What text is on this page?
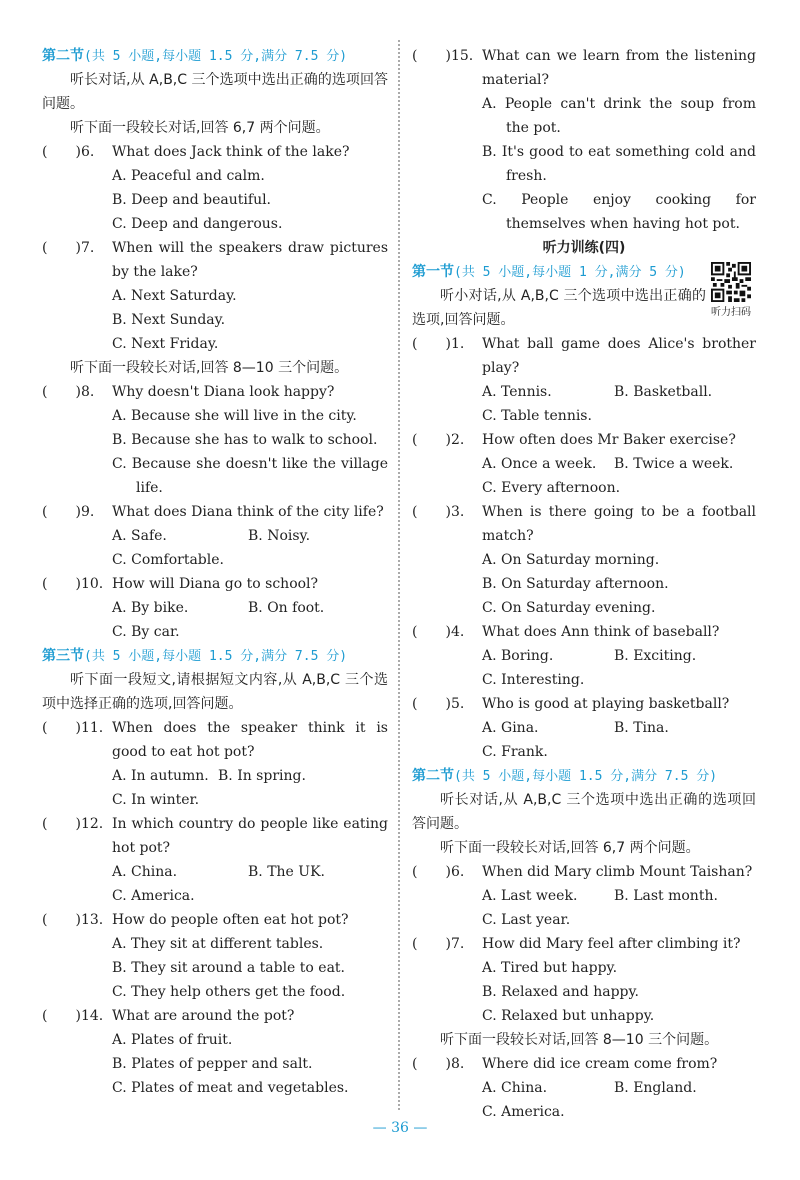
第二节(共 5 小题,每小题 1.5 分,满分 7.5 分)
听长对话,从 A,B,C 三个选项中选出正确的选项回答问题。
听下面一段较长对话,回答 6,7 两个问题。
(　　)6. What does Jack think of the lake?
A. Peaceful and calm.
B. Deep and beautiful.
C. Deep and dangerous.
(　　)7. When will the speakers draw pictures by the lake?
A. Next Saturday.
B. Next Sunday.
C. Next Friday.
听下面一段较长对话,回答 8—10 三个问题。
(　　)8. Why doesn't Diana look happy?
A. Because she will live in the city.
B. Because she has to walk to school.
C. Because she doesn't like the village life.
(　　)9. What does Diana think of the city life?
A. Safe.	B. Noisy.
C. Comfortable.
(　　)10. How will Diana go to school?
A. By bike.	B. On foot.
C. By car.
第三节(共 5 小题,每小题 1.5 分,满分 7.5 分)
听下面一段短文,请根据短文内容,从 A,B,C 三个选项中选择正确的选项,回答问题。
(　　)11. When does the speaker think it is good to eat hot pot?
A. In autumn. B. In spring.
C. In winter.
(　　)12. In which country do people like eating hot pot?
A. China.	B. The UK.
C. America.
(　　)13. How do people often eat hot pot?
A. They sit at different tables.
B. They sit around a table to eat.
C. They help others get the food.
(　　)14. What are around the pot?
A. Plates of fruit.
B. Plates of pepper and salt.
C. Plates of meat and vegetables.
(　　)15. What can we learn from the listening material?
A. People can't drink the soup from the pot.
B. It's good to eat something cold and fresh.
C. People enjoy cooking for themselves when having hot pot.
听力训练(四)
第一节(共 5 小题,每小题 1 分,满分 5 分)
听小对话,从 A,B,C 三个选项中选出正确的选项,回答问题。	听力扫码
(　　)1. What ball game does Alice's brother play?
A. Tennis.	B. Basketball.
C. Table tennis.
(　　)2. How often does Mr Baker exercise?
A. Once a week. B. Twice a week.
C. Every afternoon.
(　　)3. When is there going to be a football match?
A. On Saturday morning.
B. On Saturday afternoon.
C. On Saturday evening.
(　　)4. What does Ann think of baseball?
A. Boring.	B. Exciting.
C. Interesting.
(　　)5. Who is good at playing basketball?
A. Gina.	B. Tina.
C. Frank.
第二节(共 5 小题,每小题 1.5 分,满分 7.5 分)
听长对话,从 A,B,C 三个选项中选出正确的选项回答问题。
听下面一段较长对话,回答 6,7 两个问题。
(　　)6. When did Mary climb Mount Taishan?
A. Last week.	B. Last month.
C. Last year.
(　　)7. How did Mary feel after climbing it?
A. Tired but happy.
B. Relaxed and happy.
C. Relaxed but unhappy.
听下面一段较长对话,回答 8—10 三个问题。
(　　)8. Where did ice cream come from?
A. China.	B. England.
C. America.
— 36 —
